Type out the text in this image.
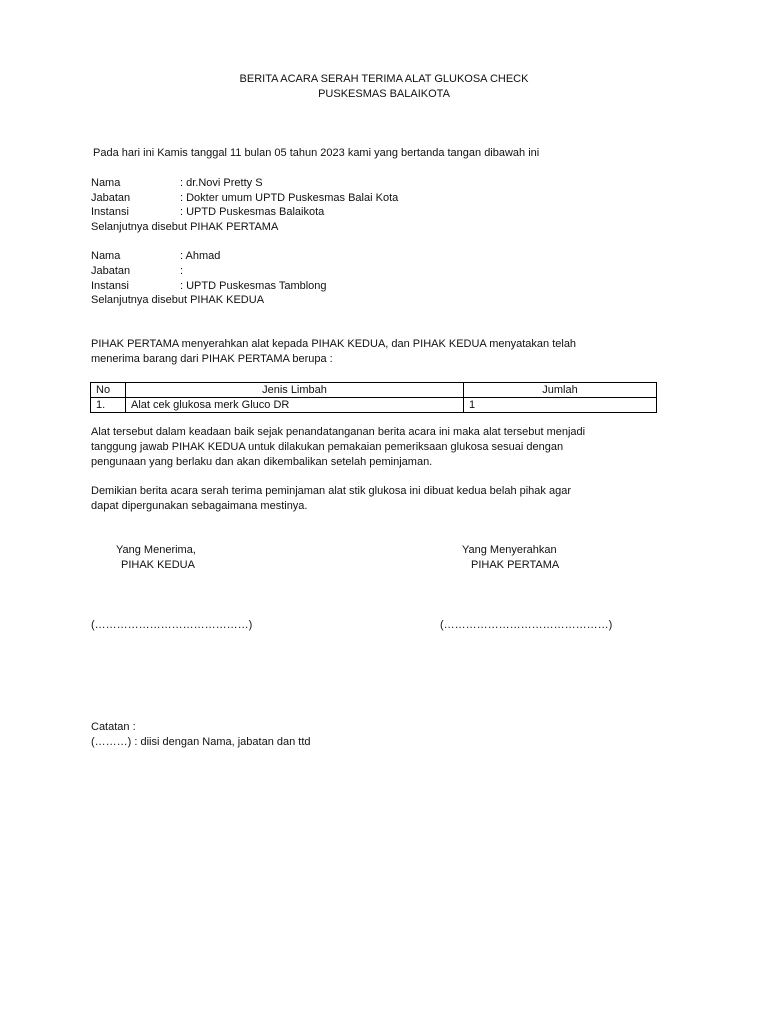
BERITA ACARA SERAH TERIMA ALAT GLUKOSA CHECK
PUSKESMAS BALAIKOTA
Pada hari ini Kamis tanggal 11 bulan 05 tahun 2023 kami yang bertanda tangan dibawah ini
Nama	: dr.Novi Pretty S
Jabatan	: Dokter umum UPTD Puskesmas Balai Kota
Instansi	: UPTD Puskesmas Balaikota
Selanjutnya disebut PIHAK PERTAMA
Nama	: Ahmad
Jabatan	:
Instansi	: UPTD Puskesmas Tamblong
Selanjutnya disebut PIHAK KEDUA
PIHAK PERTAMA menyerahkan alat kepada PIHAK KEDUA, dan PIHAK KEDUA menyatakan telah
menerima barang dari PIHAK PERTAMA berupa :
No	Jenis Limbah	Jumlah
1.	Alat cek glukosa merk Gluco DR	1
Alat tersebut dalam keadaan baik sejak penandatanganan berita acara ini maka alat tersebut menjadi
tanggung jawab PIHAK KEDUA untuk dilakukan pemakaian pemeriksaan glukosa sesuai dengan
pengunaan yang berlaku dan akan dikembalikan setelah peminjaman.
Demikian berita acara serah terima peminjaman alat stik glukosa ini dibuat kedua belah pihak agar
dapat dipergunakan sebagaimana mestinya.
Yang Menerima,
PIHAK KEDUA
Yang Menyerahkan
PIHAK PERTAMA
(……………………………………)	(………………………………………)
Catatan :
(………) : diisi dengan Nama, jabatan dan ttd
